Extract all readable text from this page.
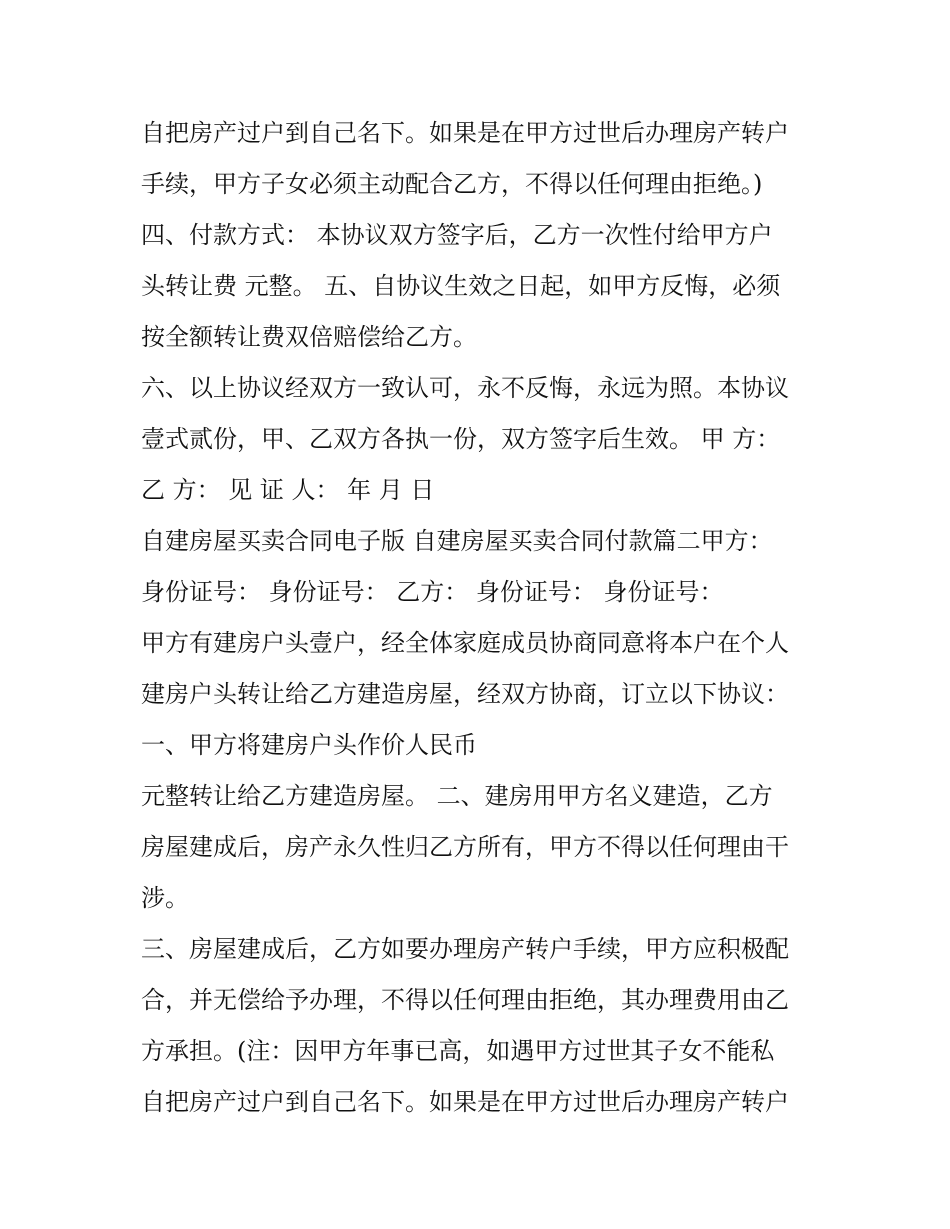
自把房产过户到自己名下。如果是在甲方过世后办理房产转户
手续，甲方子女必须主动配合乙方，不得以任何理由拒绝。)
四、付款方式： 本协议双方签字后，乙方一次性付给甲方户
头转让费 元整。 五、自协议生效之日起，如甲方反悔，必须
按全额转让费双倍赔偿给乙方。
六、以上协议经双方一致认可，永不反悔，永远为照。本协议
壹式贰份，甲、乙双方各执一份，双方签字后生效。 甲 方：
乙 方： 见 证 人： 年 月 日
自建房屋买卖合同电子版 自建房屋买卖合同付款篇二甲方：
身份证号： 身份证号： 乙方： 身份证号： 身份证号：
甲方有建房户头壹户，经全体家庭成员协商同意将本户在个人
建房户头转让给乙方建造房屋，经双方协商，订立以下协议：
一、甲方将建房户头作价人民币
元整转让给乙方建造房屋。 二、建房用甲方名义建造，乙方
房屋建成后，房产永久性归乙方所有，甲方不得以任何理由干
涉。
三、房屋建成后，乙方如要办理房产转户手续，甲方应积极配
合，并无偿给予办理，不得以任何理由拒绝，其办理费用由乙
方承担。(注：因甲方年事已高，如遇甲方过世其子女不能私
自把房产过户到自己名下。如果是在甲方过世后办理房产转户
